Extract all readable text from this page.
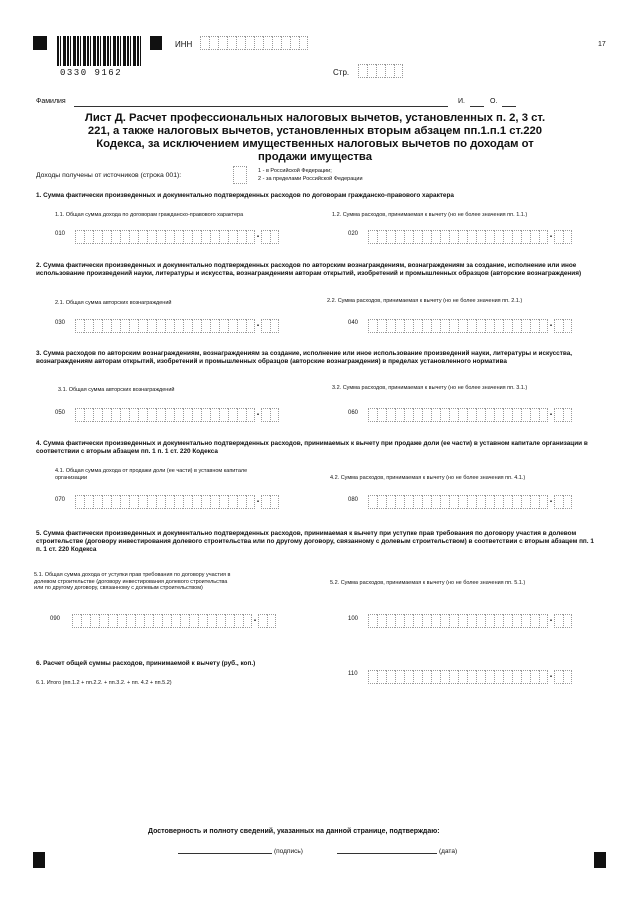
0330 9162
ИНН	17
Стр.
Фамилия	И.	О.
Лист Д. Расчет профессиональных налоговых вычетов, установленных п. 2, 3 ст. 221, а также налоговых вычетов, установленных вторым абзацем пп.1.п.1 ст.220 Кодекса, за исключением имущественных налоговых вычетов по доходам от продажи имущества
Доходы получены от источников (строка 001):
1 - в Российской Федерации;
2 - за пределами Российской Федерации
1. Сумма фактически произведенных и документально подтвержденных расходов по договорам гражданско-правового характера
1.1. Общая сумма дохода по договорам гражданско-правового характера
010	.
1.2. Сумма расходов, принимаемая к вычету (но не более значения пп. 1.1.)
020	.
2. Сумма фактически произведенных и документально подтвержденных расходов по авторским вознаграждениям, вознаграждениям за создание, исполнение или иное использование произведений науки, литературы и искусства, вознаграждениям авторам открытий, изобретений и промышленных образцов (авторские вознаграждения)
2.1. Общая сумма авторских вознаграждений
030	.
2.2. Сумма расходов, принимаемая к вычету (но не более значения пп. 2.1.)
040	.
3. Сумма расходов по авторским вознаграждениям, вознаграждениям за создание, исполнение или иное использование произведений науки, литературы и искусства, вознаграждениям авторам открытий, изобретений и промышленных образцов (авторские вознаграждения) в пределах установленного норматива
3.1. Общая сумма авторских вознаграждений
050	.
3.2. Сумма расходов, принимаемая к вычету (но не более значения пп. 3.1.)
060	.
4. Сумма фактически произведенных и документально подтвержденных расходов, принимаемых к вычету при продаже доли (ее части) в уставном капитале организации в соответствии с вторым абзацем пп. 1 п. 1 ст. 220 Кодекса
4.1. Общая сумма дохода от продажи доли (ее части) в уставном капитале организации
070	.
4.2. Сумма расходов, принимаемая к вычету (но не более значения пп. 4.1.)
080	.
5. Сумма фактически произведенных и документально подтвержденных расходов, принимаемая к вычету при уступке прав требования по договору участия в долевом строительстве (договору инвестирования долевого строительства или по другому договору, связанному с долевым строительством) в соответствии с вторым абзацем пп. 1 п. 1 ст. 220 Кодекса
5.1. Общая сумма дохода от уступки прав требования по договору участия в долевом строительстве (договору инвестирования долевого строительства или по другому договору, связанному с долевым строительством)
090	.
5.2. Сумма расходов, принимаемая к вычету (но не более значения пп. 5.1.)
100	.
6. Расчет общей суммы расходов, принимаемой к вычету (руб., коп.)
110	.
6.1. Итого (пп.1.2 + пп.2.2. + пп.3.2. + пп. 4.2 + пп.5.2)
Достоверность и полноту сведений, указанных на данной странице, подтверждаю:
(подпись)	(дата)
